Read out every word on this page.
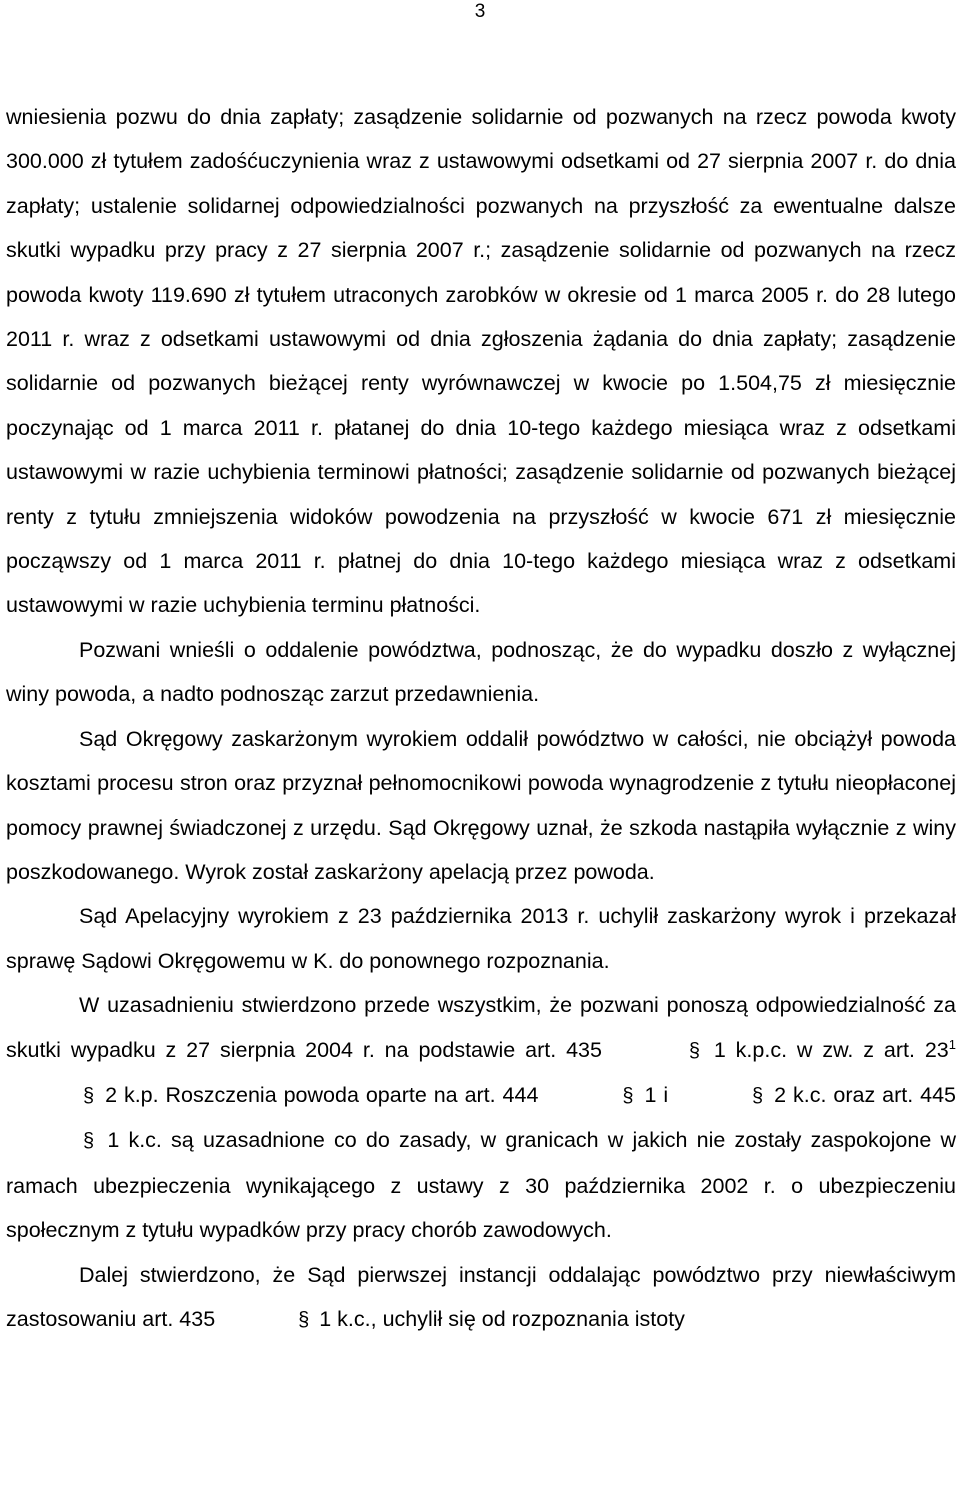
3

wniesienia pozwu do dnia zapłaty; zasądzenie solidarnie od pozwanych na rzecz powoda kwoty 300.000 zł tytułem zadośćuczynienia wraz z ustawowymi odsetkami od 27 sierpnia 2007 r. do dnia zapłaty; ustalenie solidarnej odpowiedzialności pozwanych na przyszłość za ewentualne dalsze skutki wypadku przy pracy z 27 sierpnia 2007 r.; zasądzenie solidarnie od pozwanych na rzecz powoda kwoty 119.690 zł tytułem utraconych zarobków w okresie od 1 marca 2005 r. do 28 lutego 2011 r. wraz z odsetkami ustawowymi od dnia zgłoszenia żądania do dnia zapłaty; zasądzenie solidarnie od pozwanych bieżącej renty wyrównawczej w kwocie po 1.504,75 zł miesięcznie poczynając od 1 marca 2011 r. płatanej do dnia 10-tego każdego miesiąca wraz z odsetkami ustawowymi w razie uchybienia terminowi płatności; zasądzenie solidarnie od pozwanych bieżącej renty z tytułu zmniejszenia widoków powodzenia na przyszłość w kwocie 671 zł miesięcznie począwszy od 1 marca 2011 r. płatnej do dnia 10-tego każdego miesiąca wraz z odsetkami ustawowymi w razie uchybienia terminu płatności.

Pozwani wnieśli o oddalenie powództwa, podnosząc, że do wypadku doszło z wyłącznej winy powoda, a nadto podnosząc zarzut przedawnienia.

Sąd Okręgowy zaskarżonym wyrokiem oddalił powództwo w całości, nie obciążył powoda kosztami procesu stron oraz przyznał pełnomocnikowi powoda wynagrodzenie z tytułu nieopłaconej pomocy prawnej świadczonej z urzędu. Sąd Okręgowy uznał, że szkoda nastąpiła wyłącznie z winy poszkodowanego. Wyrok został zaskarżony apelacją przez powoda.

Sąd Apelacyjny wyrokiem z 23 października 2013 r. uchylił zaskarżony wyrok i przekazał sprawę Sądowi Okręgowemu w K. do ponownego rozpoznania.

W uzasadnieniu stwierdzono przede wszystkim, że pozwani ponoszą odpowiedzialność za skutki wypadku z 27 sierpnia 2004 r. na podstawie art. 435	§ 1 k.p.c. w zw. z art. $23^1$ § 2 k.p. Roszczenia powoda oparte na art. 444	§ 1 i	§ 2 k.c. oraz art. 445 § 1 k.c. są uzasadnione co do zasady, w granicach w jakich nie zostały zaspokojone w ramach ubezpieczenia wynikającego z ustawy z 30 października 2002 r. o ubezpieczeniu społecznym z tytułu wypadków przy pracy chorób zawodowych.

Dalej stwierdzono, że Sąd pierwszej instancji oddalając powództwo przy niewłaściwym zastosowaniu art. 435	§ 1 k.c., uchylił się od rozpoznania istoty
